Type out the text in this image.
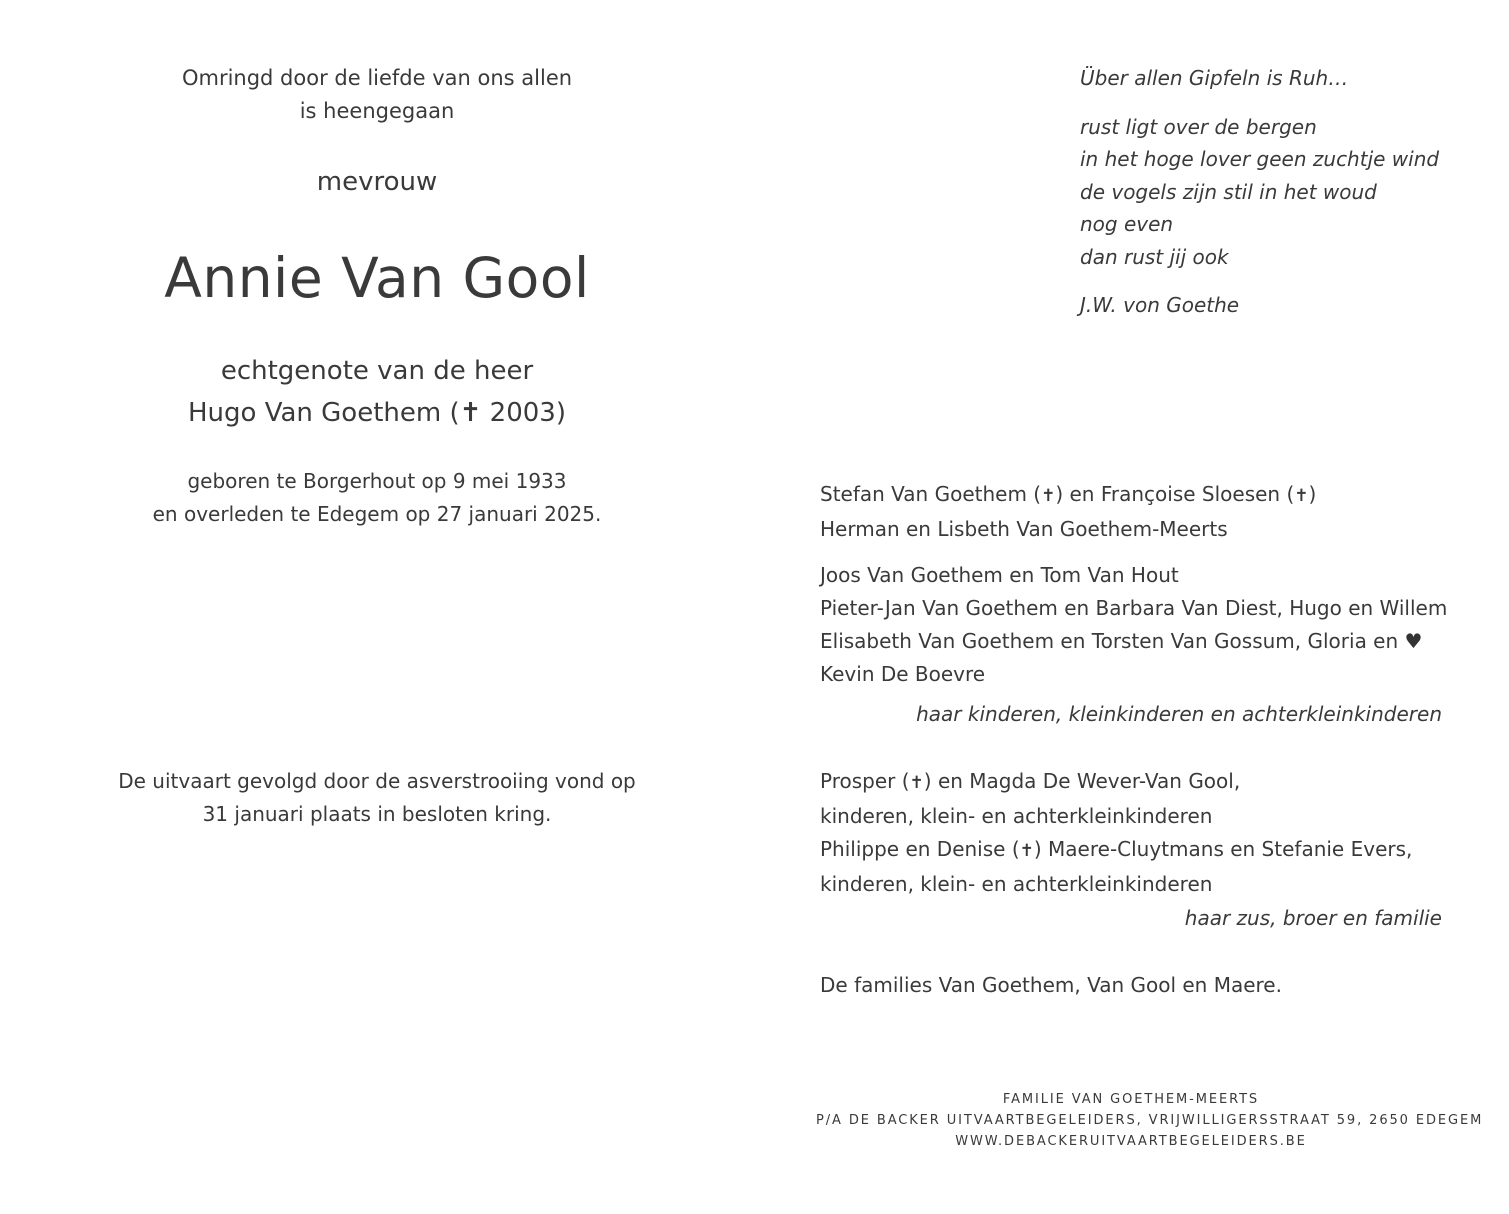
Omringd door de liefde van ons allen
is heengegaan
mevrouw
Annie Van Gool
echtgenote van de heer
Hugo Van Goethem (✝ 2003)
geboren te Borgerhout op 9 mei 1933
en overleden te Edegem op 27 januari 2025.
De uitvaart gevolgd door de asverstrooiing vond op
31 januari plaats in besloten kring.
Über allen Gipfeln is Ruh…
rust ligt over de bergen
in het hoge lover geen zuchtje wind
de vogels zijn stil in het woud
nog even
dan rust jij ook
J.W. von Goethe
Stefan Van Goethem (✝) en Françoise Sloesen (✝)
Herman en Lisbeth Van Goethem-Meerts
Joos Van Goethem en Tom Van Hout
Pieter-Jan Van Goethem en Barbara Van Diest, Hugo en Willem
Elisabeth Van Goethem en Torsten Van Gossum, Gloria en ♥
Kevin De Boevre
haar kinderen, kleinkinderen en achterkleinkinderen
Prosper (✝) en Magda De Wever-Van Gool,
kinderen, klein- en achterkleinkinderen
Philippe en Denise (✝) Maere-Cluytmans en Stefanie Evers,
kinderen, klein- en achterkleinkinderen
haar zus, broer en familie
De families Van Goethem, Van Gool en Maere.
FAMILIE VAN GOETHEM-MEERTS
P/A DE BACKER UITVAARTBEGELEIDERS, VRIJWILLIGERSSTRAAT 59, 2650 EDEGEM
WWW.DEBACKERUITVAARTBEGELEIDERS.BE
